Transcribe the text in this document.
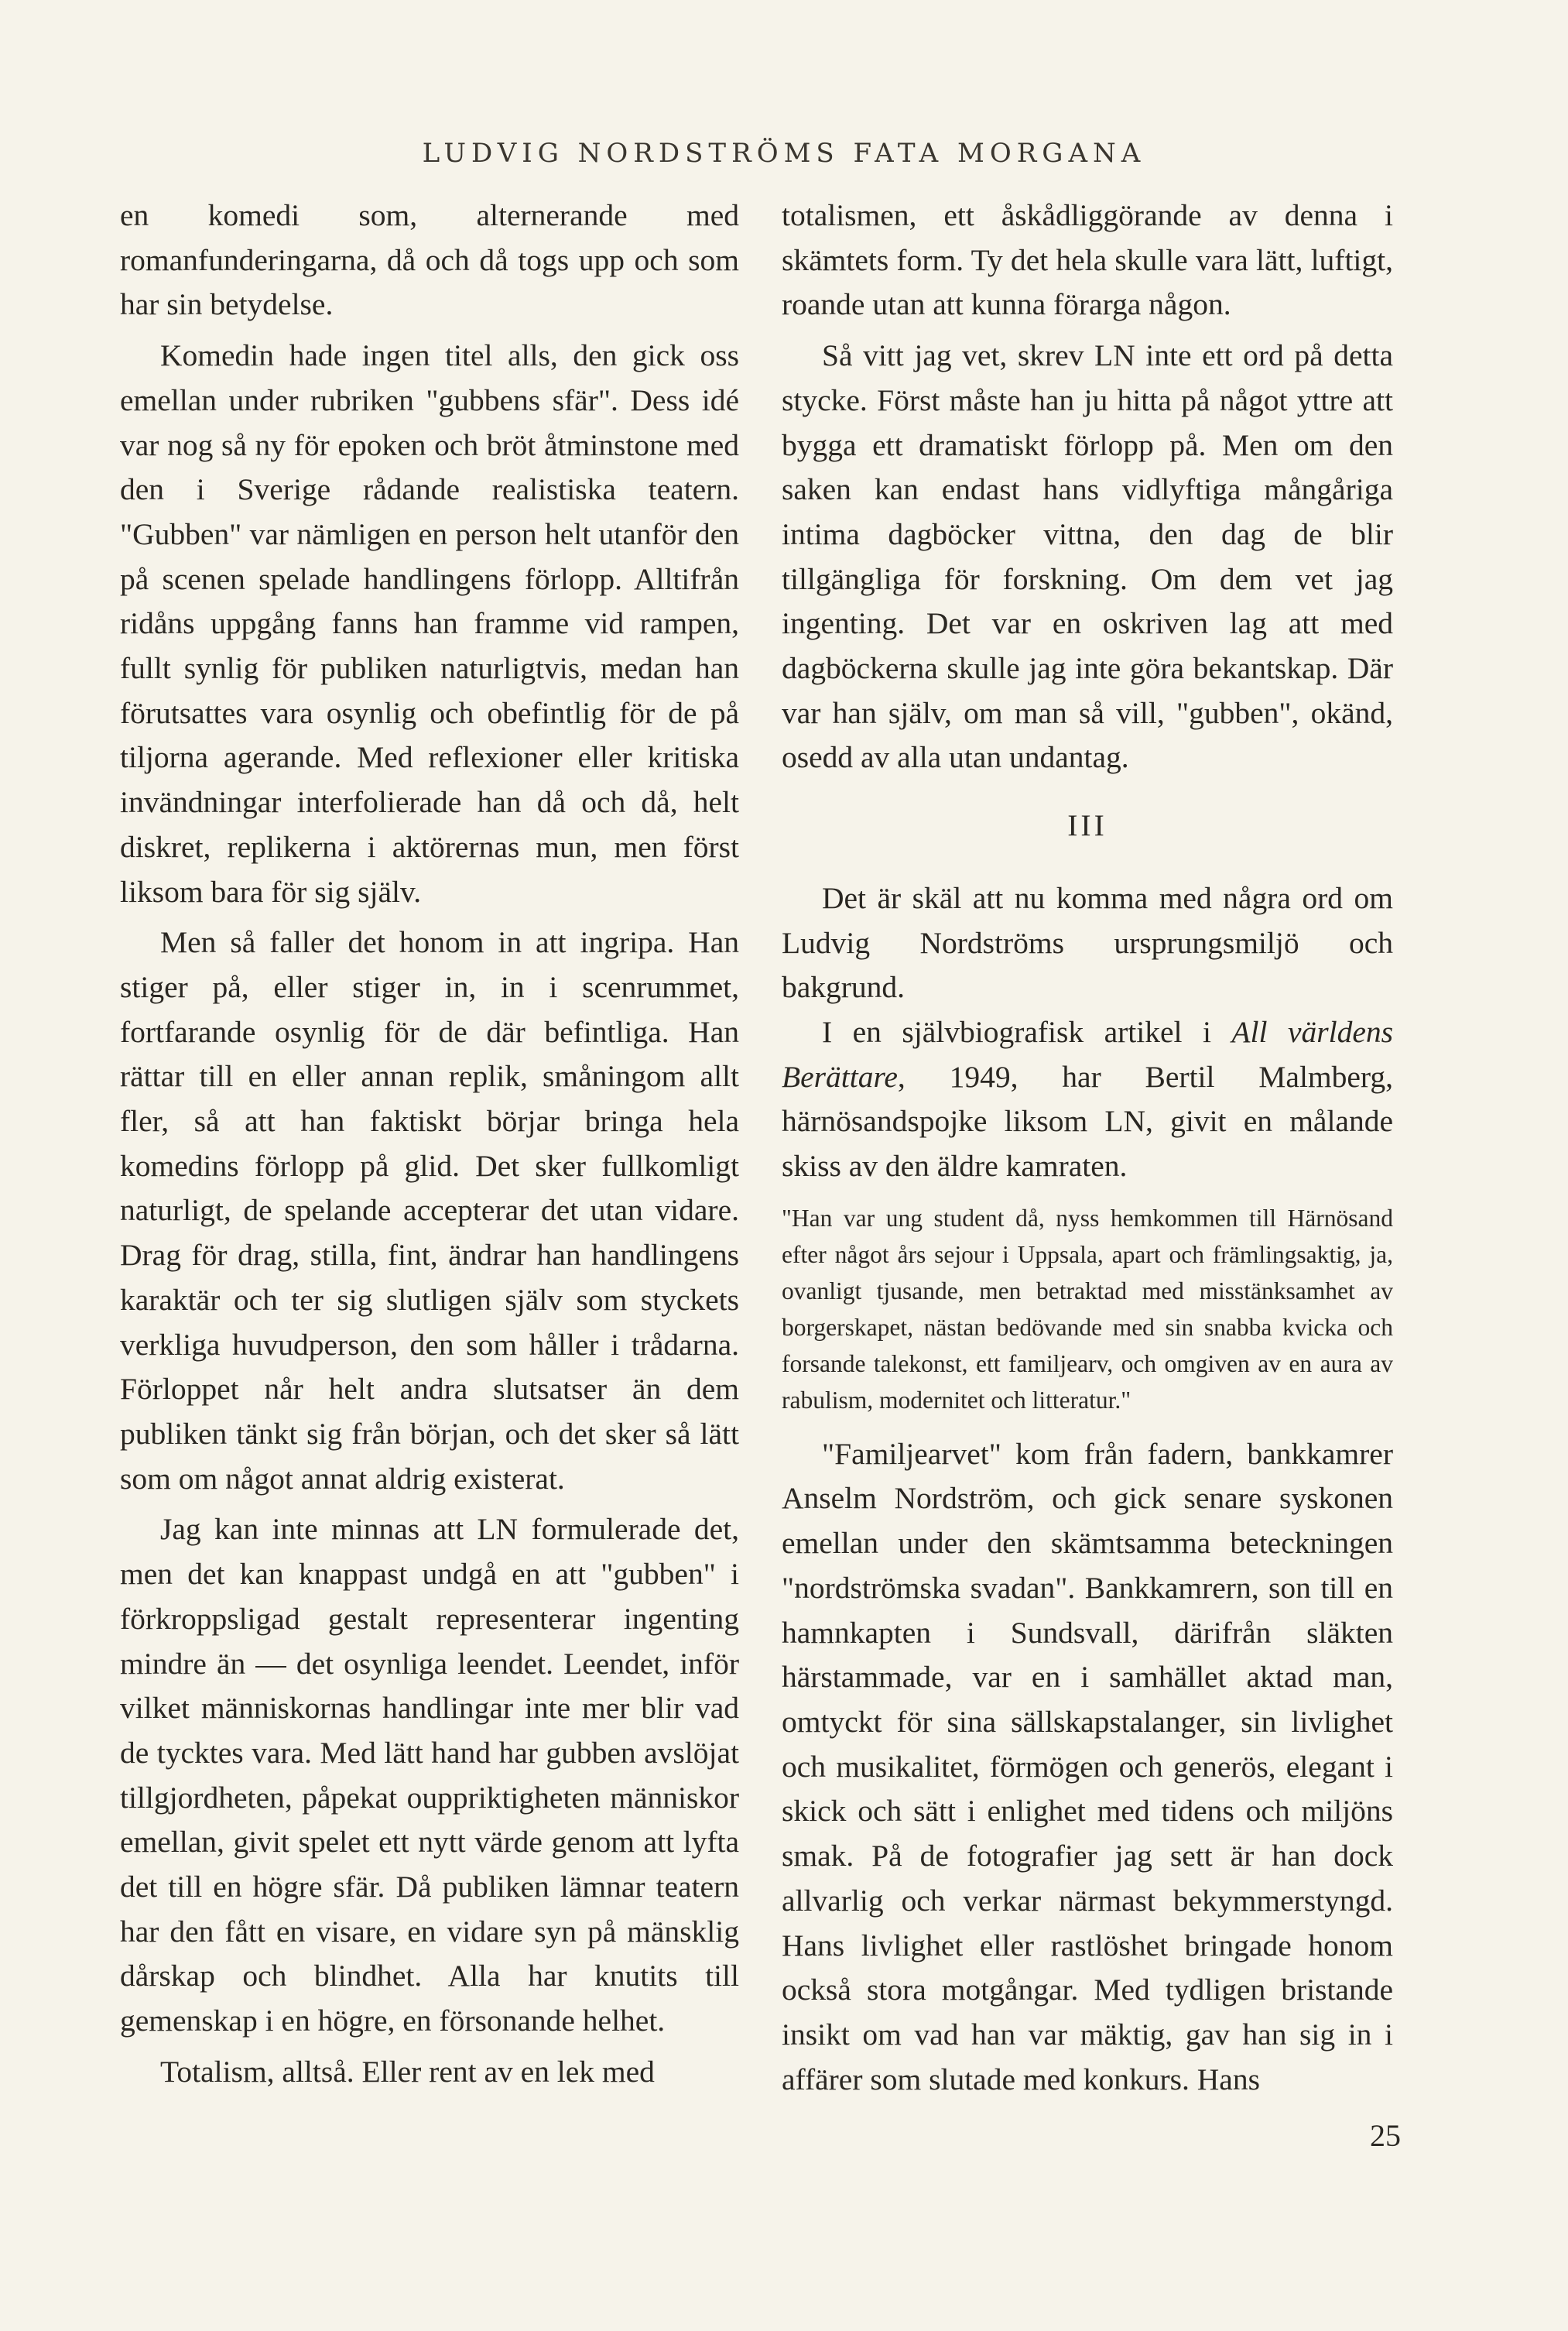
LUDVIG NORDSTRÖMS FATA MORGANA

en komedi som, alternerande med romanfunderingarna, då och då togs upp och som har sin betydelse.

Komedin hade ingen titel alls, den gick oss emellan under rubriken "gubbens sfär". Dess idé var nog så ny för epoken och bröt åtminstone med den i Sverige rådande realistiska teatern. "Gubben" var nämligen en person helt utanför den på scenen spelade handlingens förlopp. Alltifrån ridåns uppgång fanns han framme vid rampen, fullt synlig för publiken naturligtvis, medan han förutsattes vara osynlig och obefintlig för de på tiljorna agerande. Med reflexioner eller kritiska invändningar interfolierade han då och då, helt diskret, replikerna i aktörernas mun, men först liksom bara för sig själv.

Men så faller det honom in att ingripa. Han stiger på, eller stiger in, in i scenrummet, fortfarande osynlig för de där befintliga. Han rättar till en eller annan replik, småningom allt fler, så att han faktiskt börjar bringa hela komedins förlopp på glid. Det sker fullkomligt naturligt, de spelande accepterar det utan vidare. Drag för drag, stilla, fint, ändrar han handlingens karaktär och ter sig slutligen själv som styckets verkliga huvudperson, den som håller i trådarna. Förloppet når helt andra slutsatser än dem publiken tänkt sig från början, och det sker så lätt som om något annat aldrig existerat.

Jag kan inte minnas att LN formulerade det, men det kan knappast undgå en att "gubben" i förkroppsligad gestalt representerar ingenting mindre än — det osynliga leendet. Leendet, inför vilket människornas handlingar inte mer blir vad de tycktes vara. Med lätt hand har gubben avslöjat tillgjordheten, påpekat ouppriktigheten människor emellan, givit spelet ett nytt värde genom att lyfta det till en högre sfär. Då publiken lämnar teatern har den fått en visare, en vidare syn på mänsklig dårskap och blindhet. Alla har knutits till gemenskap i en högre, en försonande helhet.

Totalism, alltså. Eller rent av en lek med

totalismen, ett åskådliggörande av denna i skämtets form. Ty det hela skulle vara lätt, luftigt, roande utan att kunna förarga någon.

Så vitt jag vet, skrev LN inte ett ord på detta stycke. Först måste han ju hitta på något yttre att bygga ett dramatiskt förlopp på. Men om den saken kan endast hans vidlyftiga mångåriga intima dagböcker vittna, den dag de blir tillgängliga för forskning. Om dem vet jag ingenting. Det var en oskriven lag att med dagböckerna skulle jag inte göra bekantskap. Där var han själv, om man så vill, "gubben", okänd, osedd av alla utan undantag.

III

Det är skäl att nu komma med några ord om Ludvig Nordströms ursprungsmiljö och bakgrund.

I en självbiografisk artikel i All världens Berättare, 1949, har Bertil Malmberg, härnösandspojke liksom LN, givit en målande skiss av den äldre kamraten.

"Han var ung student då, nyss hemkommen till Härnösand efter något års sejour i Uppsala, apart och främlingsaktig, ja, ovanligt tjusande, men betraktad med misstänksamhet av borgerskapet, nästan bedövande med sin snabba kvicka och forsande talekonst, ett familjearv, och omgiven av en aura av rabulism, modernitet och litteratur."

"Familjearvet" kom från fadern, bankkamrer Anselm Nordström, och gick senare syskonen emellan under den skämtsamma beteckningen "nordströmska svadan". Bankkamrern, son till en hamnkapten i Sundsvall, därifrån släkten härstammade, var en i samhället aktad man, omtyckt för sina sällskapstalanger, sin livlighet och musikalitet, förmögen och generös, elegant i skick och sätt i enlighet med tidens och miljöns smak. På de fotografier jag sett är han dock allvarlig och verkar närmast bekymmerstyngd. Hans livlighet eller rastlöshet bringade honom också stora motgångar. Med tydligen bristande insikt om vad han var mäktig, gav han sig in i affärer som slutade med konkurs. Hans

25
